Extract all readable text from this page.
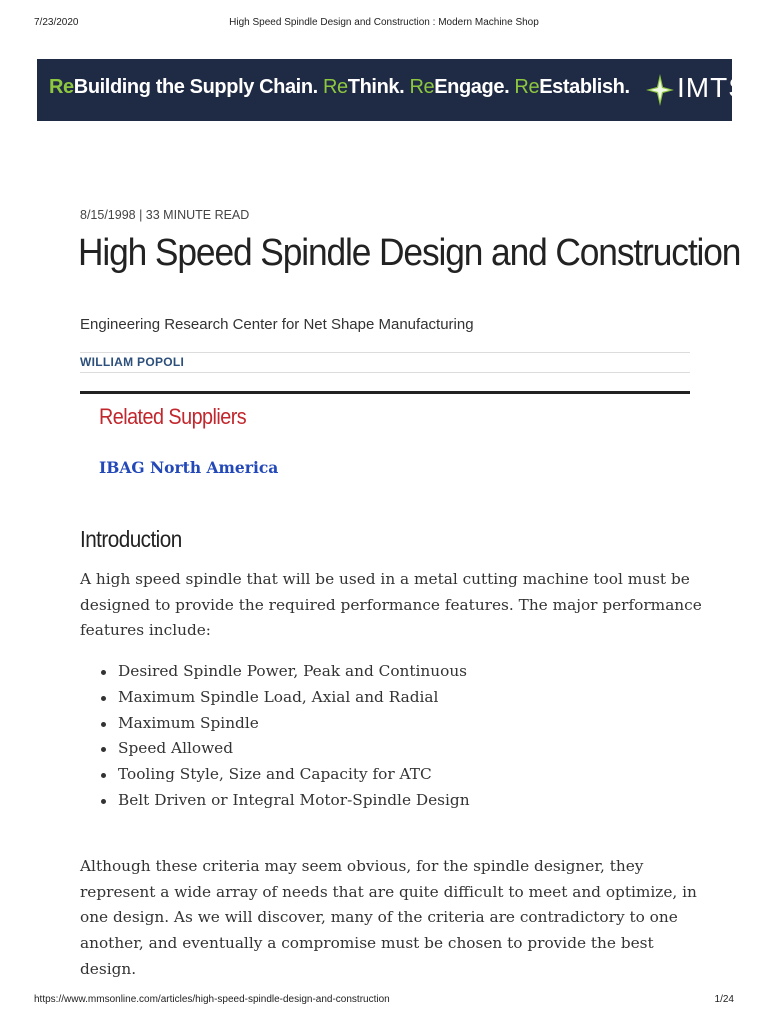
7/23/2020	High Speed Spindle Design and Construction : Modern Machine Shop
ReBuilding the Supply Chain. ReThink. ReEngage. ReEstablish. IMTS
8/15/1998 | 33 MINUTE READ
High Speed Spindle Design and Construction
Engineering Research Center for Net Shape Manufacturing
WILLIAM POPOLI
Related Suppliers
IBAG North America
Introduction

A high speed spindle that will be used in a metal cutting machine tool must be designed to provide the required performance features. The major performance features include:

Desired Spindle Power, Peak and Continuous
Maximum Spindle Load, Axial and Radial
Maximum Spindle
Speed Allowed
Tooling Style, Size and Capacity for ATC
Belt Driven or Integral Motor-Spindle Design

Although these criteria may seem obvious, for the spindle designer, they represent a wide array of needs that are quite difficult to meet and optimize, in one design. As we will discover, many of the criteria are contradictory to one another, and eventually a compromise must be chosen to provide the best design.

https://www.mmsonline.com/articles/high-speed-spindle-design-and-construction	1/24
